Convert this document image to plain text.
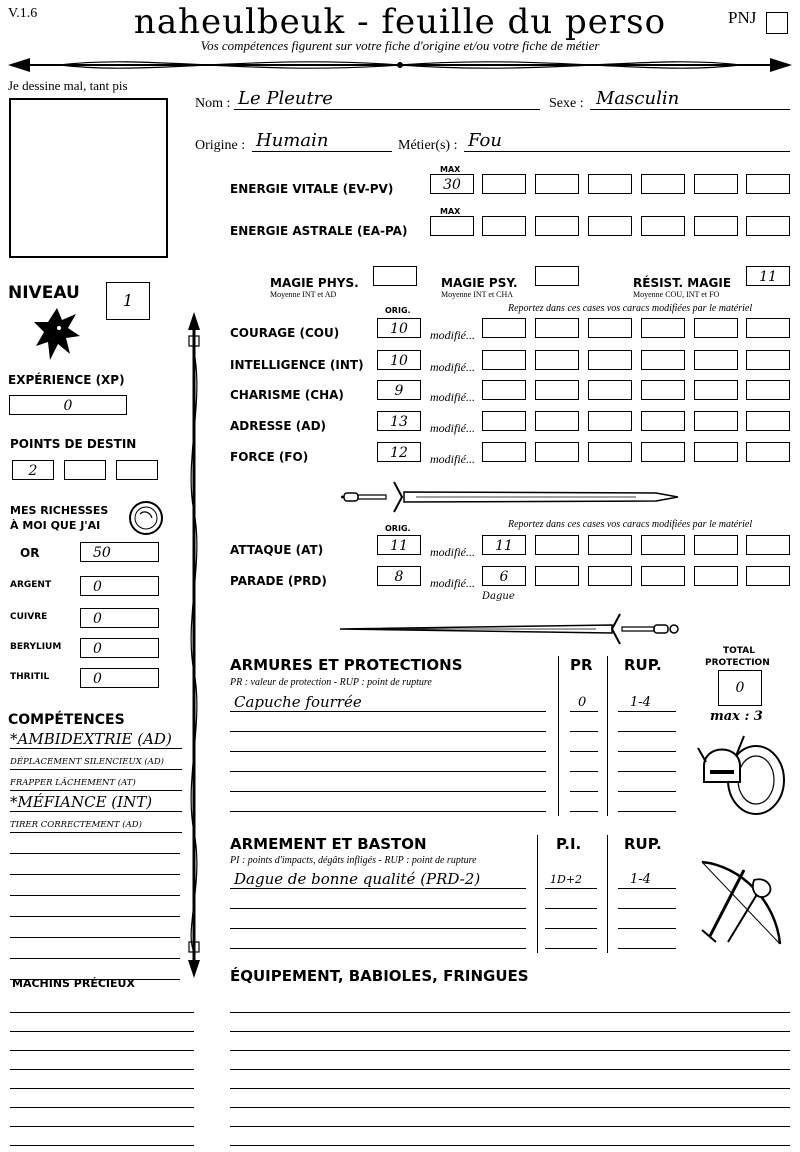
V.1.6	naheulbeuk - feuille du perso
Vos compétences figurent sur votre fiche d'origine et/ou votre fiche de métier
PNJ
Je dessine mal, tant pis
Nom : Le Pleutre	Sexe : Masculin
Origine : Humain	Métier(s) : Fou
MAX
ENERGIE VITALE (EV-PV)	30
MAX
ENERGIE ASTRALE (EA-PA)
MAGIE PHYS.
Moyenne INT et AD
MAGIE PSY.
Moyenne INT et CHA
RÉSIST. MAGIE
Moyenne COU, INT et FO
11
ORIG.	Reportez dans ces cases vos caracs modifiées par le matériel
COURAGE (COU)	10	modifié...
INTELLIGENCE (INT)	10	modifié...
CHARISME (CHA)	9	modifié...
ADRESSE (AD)	13	modifié...
FORCE (FO)	12	modifié...
ORIG.	Reportez dans ces cases vos caracs modifiées par le matériel
ATTAQUE (AT)	11	modifié...	11
PARADE (PRD)	8	modifié...	6
Dague
NIVEAU	1
EXPÉRIENCE (XP)
0
POINTS DE DESTIN
2
MES RICHESSES
À MOI QUE J'AI
OR	50
ARGENT	0
CUIVRE	0
BERYLIUM	0
THRITIL	0
COMPÉTENCES
*AMBIDEXTRIE (AD)
DÉPLACEMENT SILENCIEUX (AD)
FRAPPER LÂCHEMENT (AT)
*MÉFIANCE (INT)
TIRER CORRECTEMENT (AD)
MACHINS PRÉCIEUX
ARMURES ET PROTECTIONS
PR : valeur de protection - RUP : point de rupture
PR RUP.
Capuche fourrée	0	1-4
TOTAL
PROTECTION
0
max : 3
ARMEMENT ET BASTON
PI : points d'impacts, dégâts infligés - RUP : point de rupture
P.I.	RUP.
Dague de bonne qualité (PRD-2)	1D+2	1-4
ÉQUIPEMENT, BABIOLES, FRINGUES
